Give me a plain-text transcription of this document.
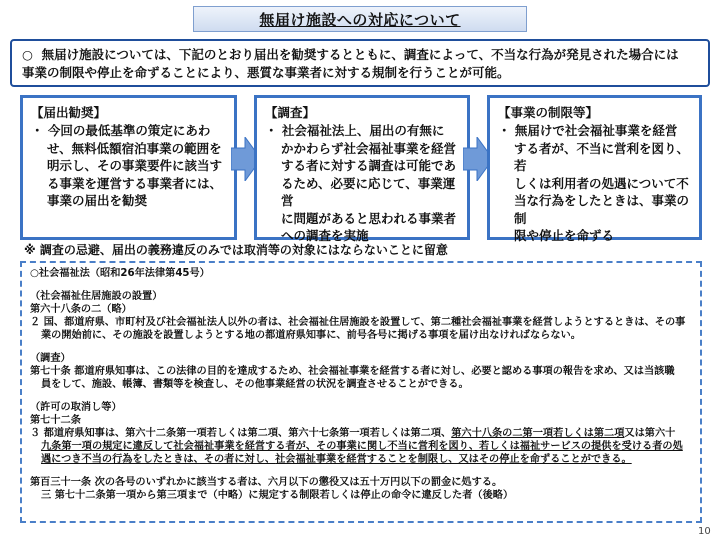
無届け施設への対応について

○ 無届け施設については、下記のとおり届出を勧奨するとともに、調査によって、不当な行為が発見された場合には

事業の制限や停止を命ずることにより、悪質な事業者に対する規制を行うことが可能。

【届出勧奨】
・ 今回の最低基準の策定にあわ
せ、無料低額宿泊事業の範囲を
明示し、その事業要件に該当す
る事業を運営する事業者には、
事業の届出を勧奨
【調査】
・ 社会福祉法上、届出の有無に
かかわらず社会福祉事業を経営
する者に対する調査は可能であ
るため、必要に応じて、事業運営
に問題があると思われる事業者
への調査を実施
【事業の制限等】
・ 無届けで社会福祉事業を経営
する者が、不当に営利を図り、若
しくは利用者の処遇について不
当な行為をしたときは、事業の制
限や停止を命ずる
※ 調査の忌避、届出の義務違反のみでは取消等の対象にはならないことに留意
○社会福祉法（昭和26年法律第45号）
（社会福祉住居施設の設置）
第六十八条の二（略）
２ 国、都道府県、市町村及び社会福祉法人以外の者は、社会福祉住居施設を設置して、第二種社会福祉事業を経営しようとするときは、その事
業の開始前に、その施設を設置しようとする地の都道府県知事に、前号各号に掲げる事項を届け出なければならない。
（調査）
第七十条 都道府県知事は、この法律の目的を達成するため、社会福祉事業を経営する者に対し、必要と認める事項の報告を求め、又は当該職
員をして、施設、帳簿、書類等を検査し、その他事業経営の状況を調査させることができる。
（許可の取消し等）
第七十二条
３ 都道府県知事は、第六十二条第一項若しくは第二項、第六十七条第一項若しくは第二項、第六十八条の二第一項若しくは第二項又は第六十
九条第一項の規定に違反して社会福祉事業を経営する者が、その事業に関し不当に営利を図り、若しくは福祉サービスの提供を受ける者の処
遇につき不当の行為をしたときは、その者に対し、社会福祉事業を経営することを制限し、又はその停止を命ずることができる。
第百三十一条 次の各号のいずれかに該当する者は、六月以下の懲役又は五十万円以下の罰金に処する。
三 第七十二条第一項から第三項まで（中略）に規定する制限若しくは停止の命令に違反した者（後略）
10
